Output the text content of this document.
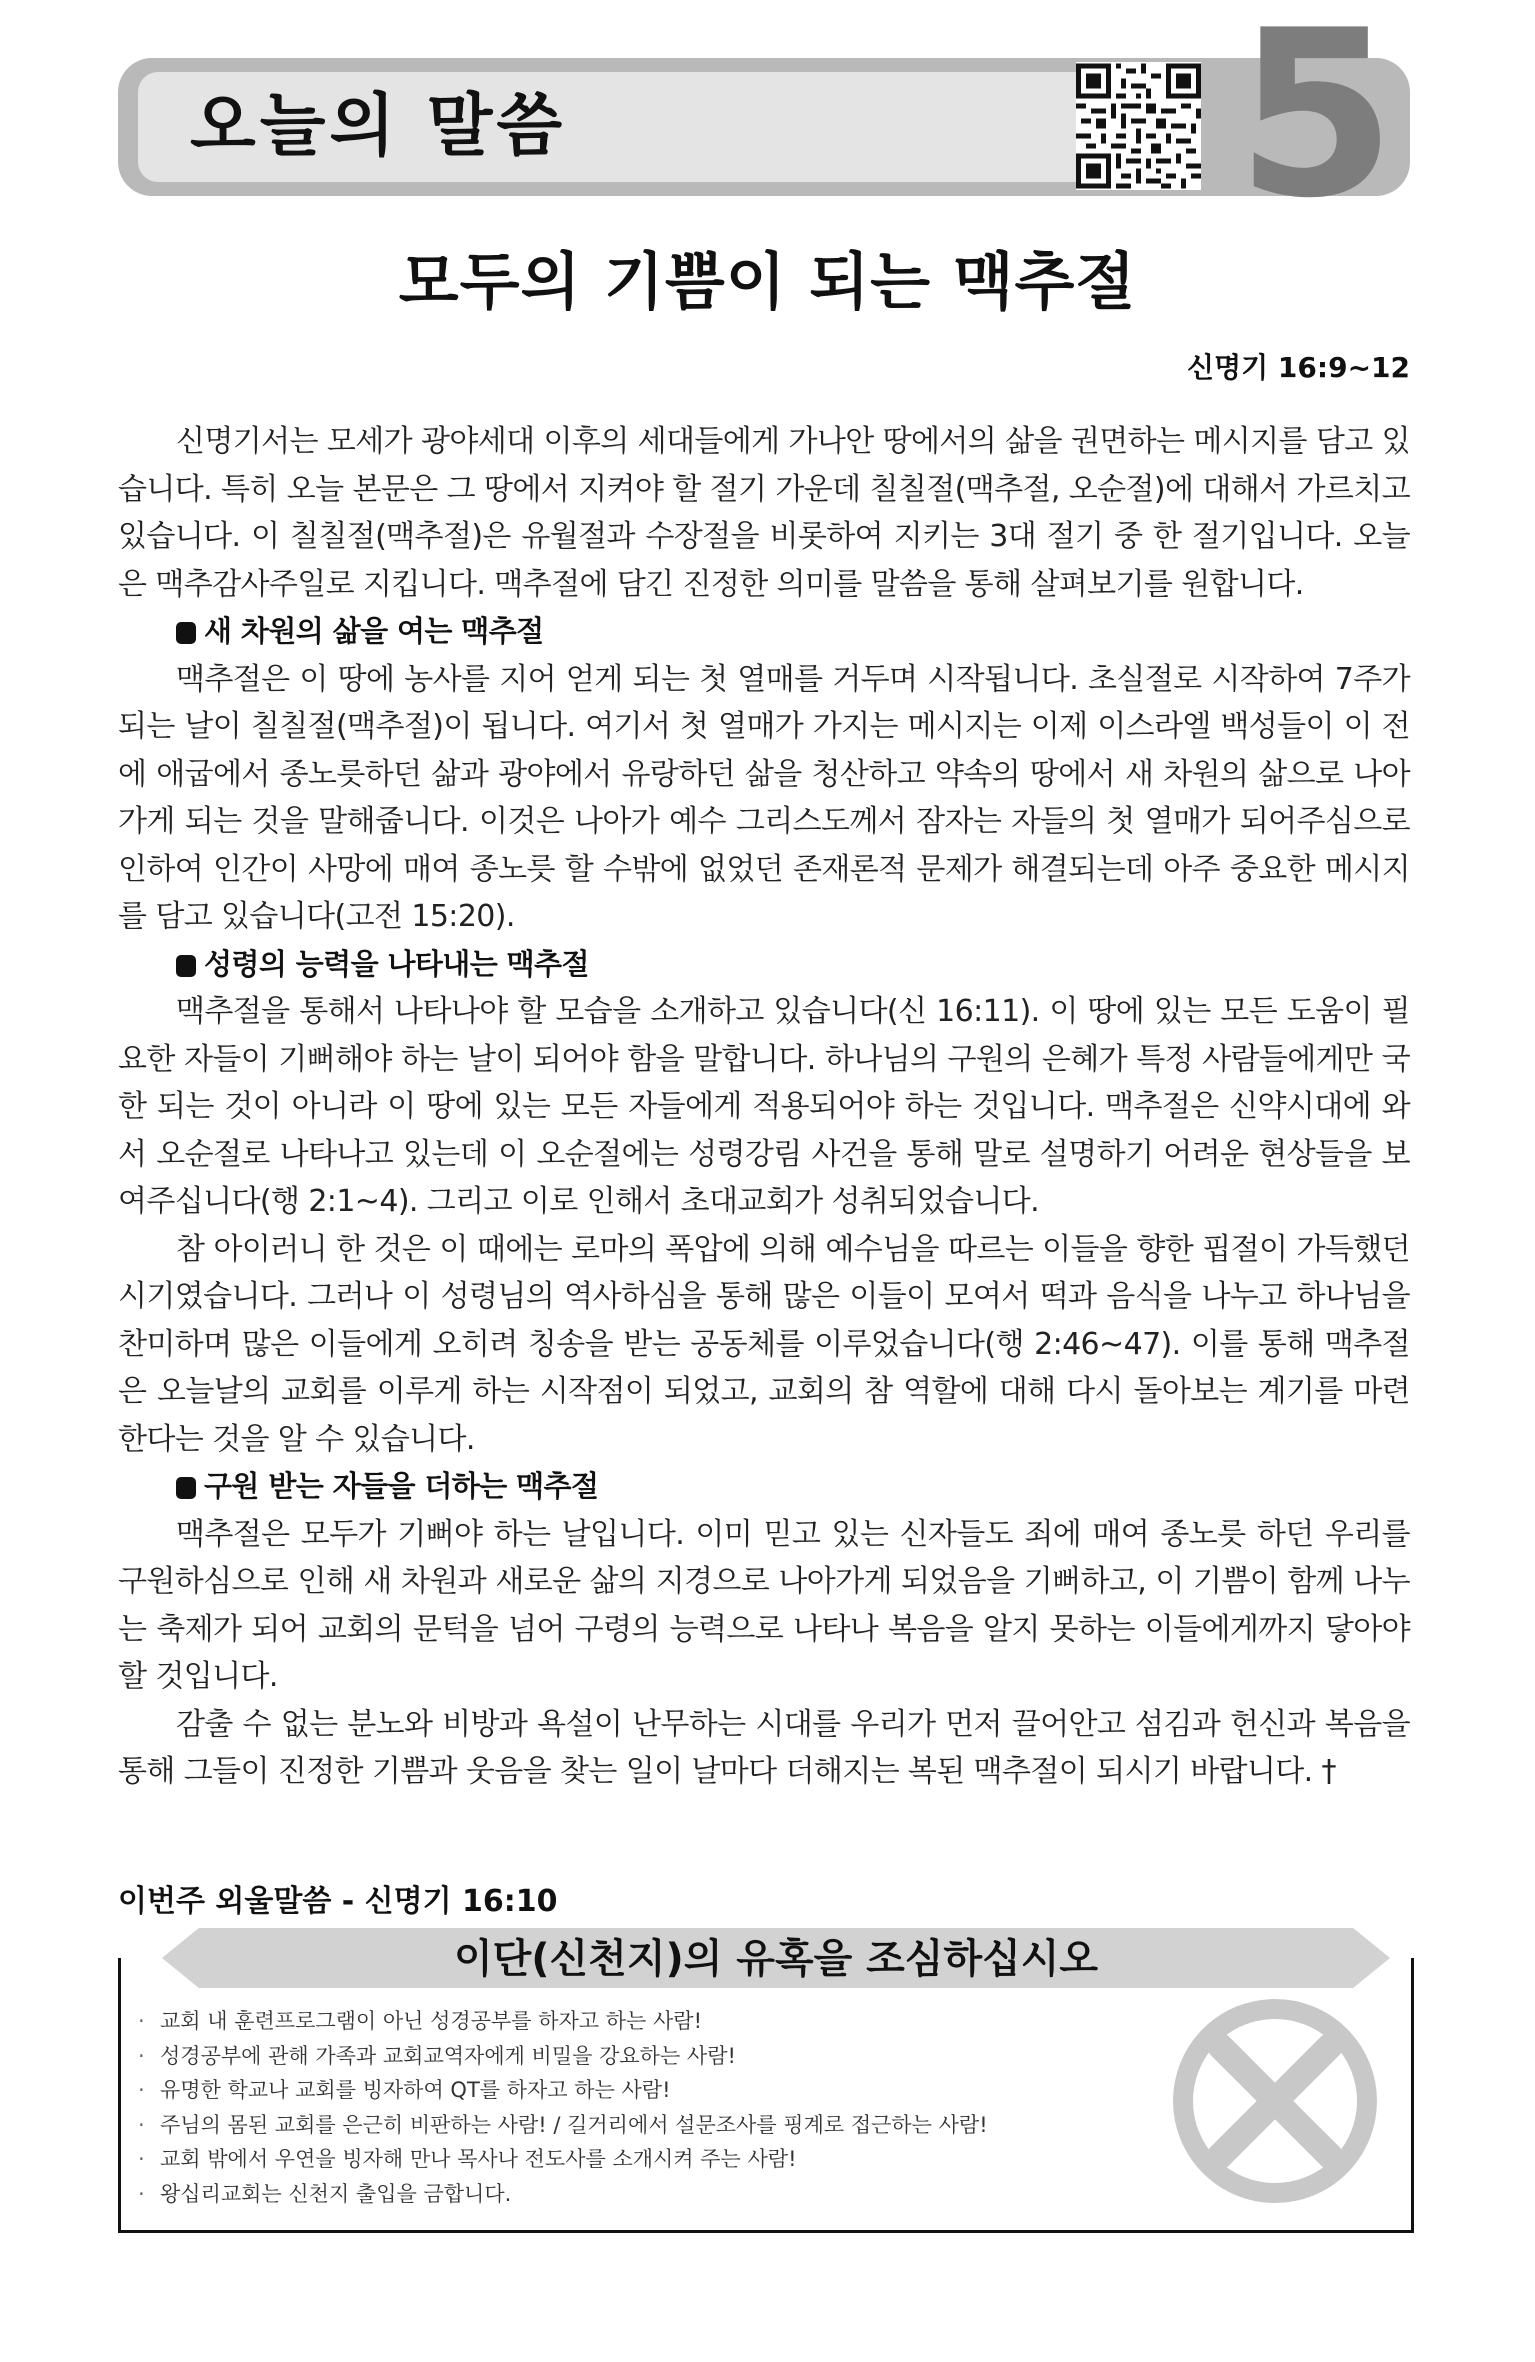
오늘의 말씀	5
모두의 기쁨이 되는 맥추절
신명기 16:9~12

신명기서는 모세가 광야세대 이후의 세대들에게 가나안 땅에서의 삶을 권면하는 메시지를 담고 있습니다. 특히 오늘 본문은 그 땅에서 지켜야 할 절기 가운데 칠칠절(맥추절, 오순절)에 대해서 가르치고 있습니다. 이 칠칠절(맥추절)은 유월절과 수장절을 비롯하여 지키는 3대 절기 중 한 절기입니다. 오늘은 맥추감사주일로 지킵니다. 맥추절에 담긴 진정한 의미를 말씀을 통해 살펴보기를 원합니다.

새 차원의 삶을 여는 맥추절

맥추절은 이 땅에 농사를 지어 얻게 되는 첫 열매를 거두며 시작됩니다. 초실절로 시작하여 7주가 되는 날이 칠칠절(맥추절)이 됩니다. 여기서 첫 열매가 가지는 메시지는 이제 이스라엘 백성들이 이 전에 애굽에서 종노릇하던 삶과 광야에서 유랑하던 삶을 청산하고 약속의 땅에서 새 차원의 삶으로 나아가게 되는 것을 말해줍니다. 이것은 나아가 예수 그리스도께서 잠자는 자들의 첫 열매가 되어주심으로 인하여 인간이 사망에 매여 종노릇 할 수밖에 없었던 존재론적 문제가 해결되는데 아주 중요한 메시지를 담고 있습니다(고전 15:20).

성령의 능력을 나타내는 맥추절

맥추절을 통해서 나타나야 할 모습을 소개하고 있습니다(신 16:11). 이 땅에 있는 모든 도움이 필요한 자들이 기뻐해야 하는 날이 되어야 함을 말합니다. 하나님의 구원의 은혜가 특정 사람들에게만 국한 되는 것이 아니라 이 땅에 있는 모든 자들에게 적용되어야 하는 것입니다. 맥추절은 신약시대에 와서 오순절로 나타나고 있는데 이 오순절에는 성령강림 사건을 통해 말로 설명하기 어려운 현상들을 보여주십니다(행 2:1~4). 그리고 이로 인해서 초대교회가 성취되었습니다.

참 아이러니 한 것은 이 때에는 로마의 폭압에 의해 예수님을 따르는 이들을 향한 핍절이 가득했던 시기였습니다. 그러나 이 성령님의 역사하심을 통해 많은 이들이 모여서 떡과 음식을 나누고 하나님을 찬미하며 많은 이들에게 오히려 칭송을 받는 공동체를 이루었습니다(행 2:46~47). 이를 통해 맥추절은 오늘날의 교회를 이루게 하는 시작점이 되었고, 교회의 참 역할에 대해 다시 돌아보는 계기를 마련한다는 것을 알 수 있습니다.

구원 받는 자들을 더하는 맥추절

맥추절은 모두가 기뻐야 하는 날입니다. 이미 믿고 있는 신자들도 죄에 매여 종노릇 하던 우리를 구원하심으로 인해 새 차원과 새로운 삶의 지경으로 나아가게 되었음을 기뻐하고, 이 기쁨이 함께 나누는 축제가 되어 교회의 문턱을 넘어 구령의 능력으로 나타나 복음을 알지 못하는 이들에게까지 닿아야 할 것입니다.

감출 수 없는 분노와 비방과 욕설이 난무하는 시대를 우리가 먼저 끌어안고 섬김과 헌신과 복음을 통해 그들이 진정한 기쁨과 웃음을 찾는 일이 날마다 더해지는 복된 맥추절이 되시기 바랍니다. †

이번주 외울말씀 - 신명기 16:10
이단(신천지)의 유혹을 조심하십시오
· 교회 내 훈련프로그램이 아닌 성경공부를 하자고 하는 사람!
· 성경공부에 관해 가족과 교회교역자에게 비밀을 강요하는 사람!
· 유명한 학교나 교회를 빙자하여 QT를 하자고 하는 사람!
· 주님의 몸된 교회를 은근히 비판하는 사람! / 길거리에서 설문조사를 핑계로 접근하는 사람!
· 교회 밖에서 우연을 빙자해 만나 목사나 전도사를 소개시켜 주는 사람!
· 왕십리교회는 신천지 출입을 금합니다.
